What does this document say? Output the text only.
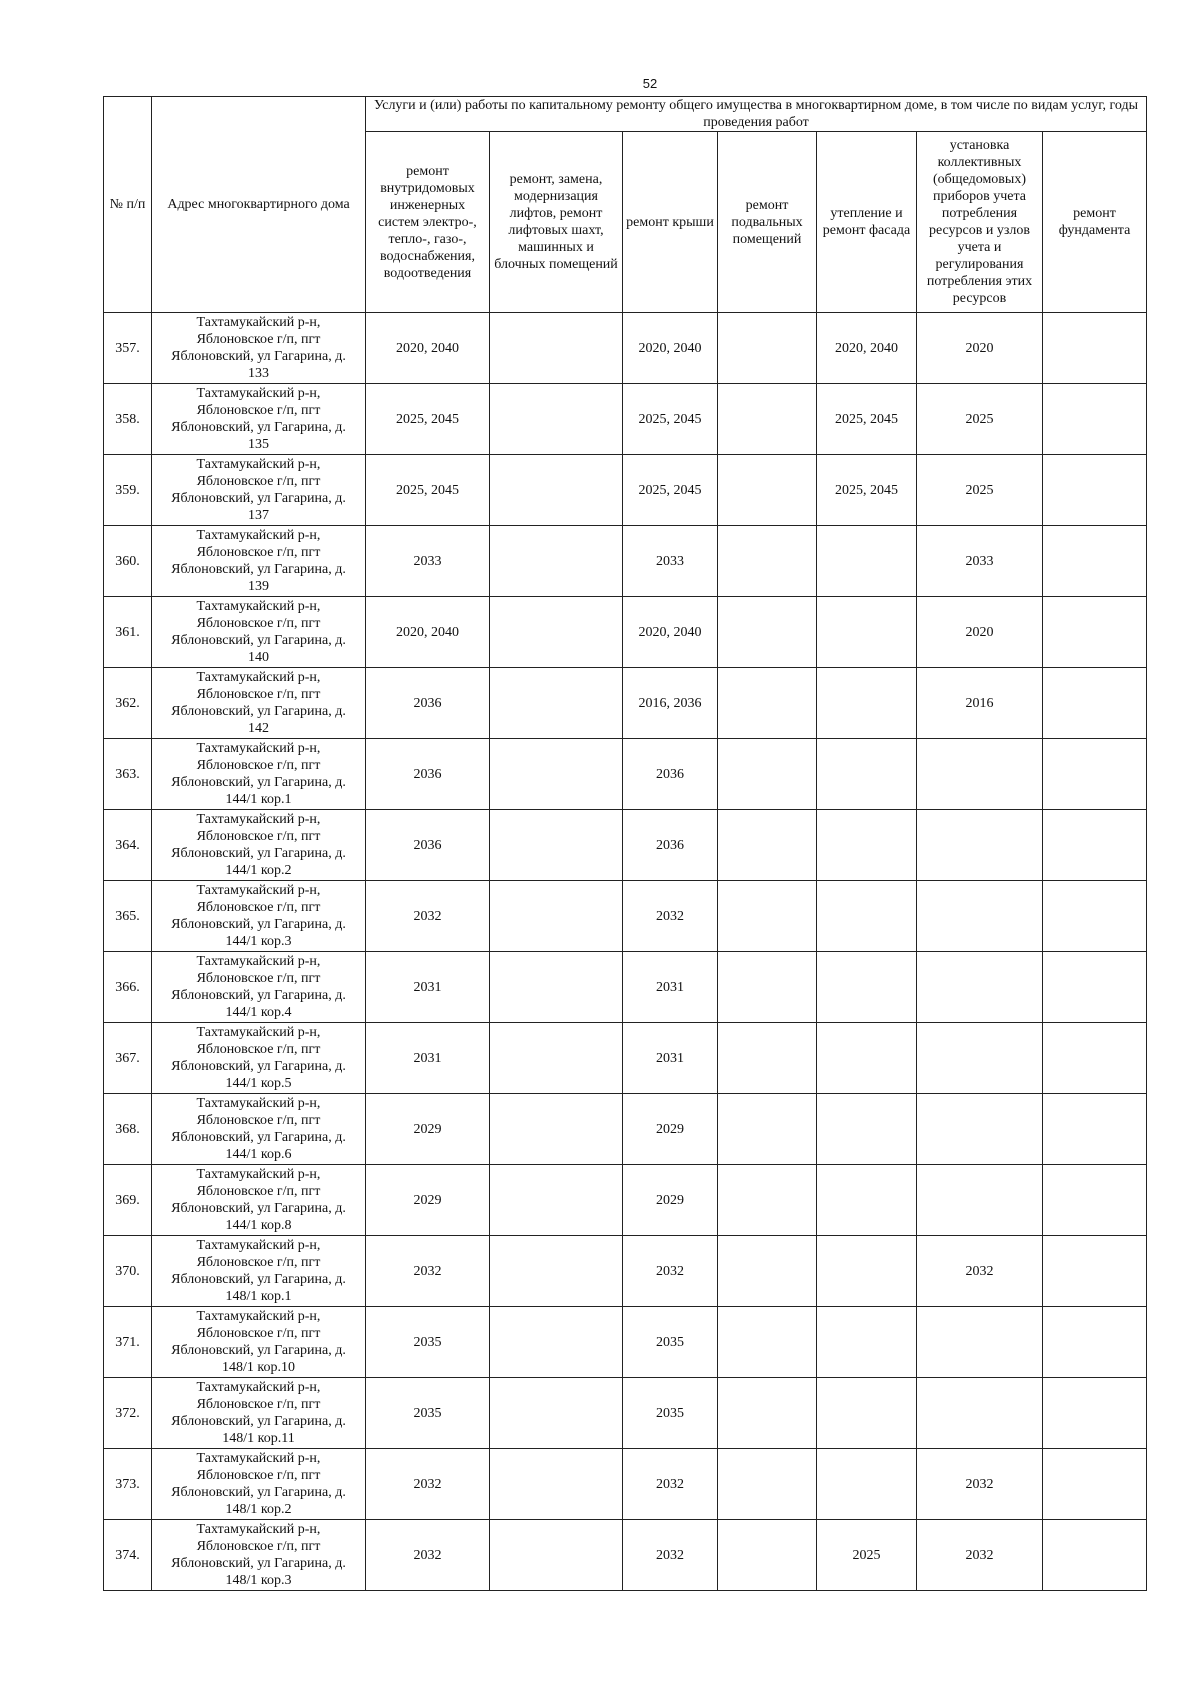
52
№ п/п	Адрес многоквартирного дома	Услуги и (или) работы по капитальному ремонту общего имущества в многоквартирном доме, в том числе по видам услуг, годы проведения работ						
		ремонт внутридомовых инженерных систем электро-, тепло-, газо-, водоснабжения, водоотведения	ремонт, замена, модернизация лифтов, ремонт лифтовых шахт, машинных и блочных помещений	ремонт крыши	ремонт подвальных помещений	утепление и ремонт фасада	установка коллективных (общедомовых) приборов учета потребления ресурсов и узлов учета и регулирования потребления этих ресурсов	ремонт фундамента
357.	Тахтамукайский р-н,
Яблоновское г/п, пгт
Яблоновский, ул Гагарина, д.
133	2020, 2040		2020, 2040		2020, 2040	2020	
358.	Тахтамукайский р-н,
Яблоновское г/п, пгт
Яблоновский, ул Гагарина, д.
135	2025, 2045		2025, 2045		2025, 2045	2025	
359.	Тахтамукайский р-н,
Яблоновское г/п, пгт
Яблоновский, ул Гагарина, д.
137	2025, 2045		2025, 2045		2025, 2045	2025	
360.	Тахтамукайский р-н,
Яблоновское г/п, пгт
Яблоновский, ул Гагарина, д.
139	2033		2033			2033	
361.	Тахтамукайский р-н,
Яблоновское г/п, пгт
Яблоновский, ул Гагарина, д.
140	2020, 2040		2020, 2040			2020	
362.	Тахтамукайский р-н,
Яблоновское г/п, пгт
Яблоновский, ул Гагарина, д.
142	2036		2016, 2036			2016	
363.	Тахтамукайский р-н,
Яблоновское г/п, пгт
Яблоновский, ул Гагарина, д.
144/1 кор.1	2036		2036				
364.	Тахтамукайский р-н,
Яблоновское г/п, пгт
Яблоновский, ул Гагарина, д.
144/1 кор.2	2036		2036				
365.	Тахтамукайский р-н,
Яблоновское г/п, пгт
Яблоновский, ул Гагарина, д.
144/1 кор.3	2032		2032				
366.	Тахтамукайский р-н,
Яблоновское г/п, пгт
Яблоновский, ул Гагарина, д.
144/1 кор.4	2031		2031				
367.	Тахтамукайский р-н,
Яблоновское г/п, пгт
Яблоновский, ул Гагарина, д.
144/1 кор.5	2031		2031				
368.	Тахтамукайский р-н,
Яблоновское г/п, пгт
Яблоновский, ул Гагарина, д.
144/1 кор.6	2029		2029				
369.	Тахтамукайский р-н,
Яблоновское г/п, пгт
Яблоновский, ул Гагарина, д.
144/1 кор.8	2029		2029				
370.	Тахтамукайский р-н,
Яблоновское г/п, пгт
Яблоновский, ул Гагарина, д.
148/1 кор.1	2032		2032			2032	
371.	Тахтамукайский р-н,
Яблоновское г/п, пгт
Яблоновский, ул Гагарина, д.
148/1 кор.10	2035		2035				
372.	Тахтамукайский р-н,
Яблоновское г/п, пгт
Яблоновский, ул Гагарина, д.
148/1 кор.11	2035		2035				
373.	Тахтамукайский р-н,
Яблоновское г/п, пгт
Яблоновский, ул Гагарина, д.
148/1 кор.2	2032		2032			2032	
374.	Тахтамукайский р-н,
Яблоновское г/п, пгт
Яблоновский, ул Гагарина, д.
148/1 кор.3	2032		2032		2025	2032	
